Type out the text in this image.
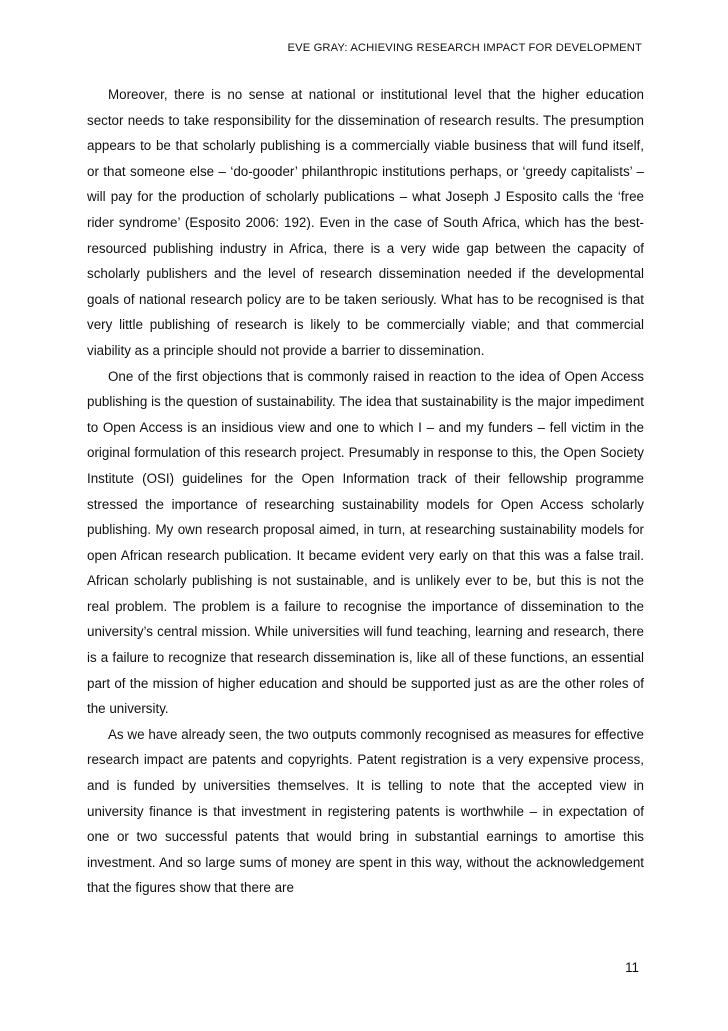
EVE GRAY: ACHIEVING RESEARCH IMPACT FOR DEVELOPMENT

Moreover, there is no sense at national or institutional level that the higher education sector needs to take responsibility for the dissemination of research results. The presumption appears to be that scholarly publishing is a commercially viable business that will fund itself, or that someone else – ‘do-gooder’ philanthropic institutions perhaps, or ‘greedy capitalists’ – will pay for the production of scholarly publications – what Joseph J Esposito calls the ‘free rider syndrome’ (Esposito 2006: 192). Even in the case of South Africa, which has the best-resourced publishing industry in Africa, there is a very wide gap between the capacity of scholarly publishers and the level of research dissemination needed if the developmental goals of national research policy are to be taken seriously. What has to be recognised is that very little publishing of research is likely to be commercially viable; and that commercial viability as a principle should not provide a barrier to dissemination.

One of the first objections that is commonly raised in reaction to the idea of Open Access publishing is the question of sustainability. The idea that sustainability is the major impediment to Open Access is an insidious view and one to which I – and my funders – fell victim in the original formulation of this research project. Presumably in response to this, the Open Society Institute (OSI) guidelines for the Open Information track of their fellowship programme stressed the importance of researching sustainability models for Open Access scholarly publishing. My own research proposal aimed, in turn, at researching sustainability models for open African research publication. It became evident very early on that this was a false trail. African scholarly publishing is not sustainable, and is unlikely ever to be, but this is not the real problem. The problem is a failure to recognise the importance of dissemination to the university’s central mission. While universities will fund teaching, learning and research, there is a failure to recognize that research dissemination is, like all of these functions, an essential part of the mission of higher education and should be supported just as are the other roles of the university.

As we have already seen, the two outputs commonly recognised as measures for effective research impact are patents and copyrights. Patent registration is a very expensive process, and is funded by universities themselves. It is telling to note that the accepted view in university finance is that investment in registering patents is worthwhile – in expectation of one or two successful patents that would bring in substantial earnings to amortise this investment. And so large sums of money are spent in this way, without the acknowledgement that the figures show that there are

11
